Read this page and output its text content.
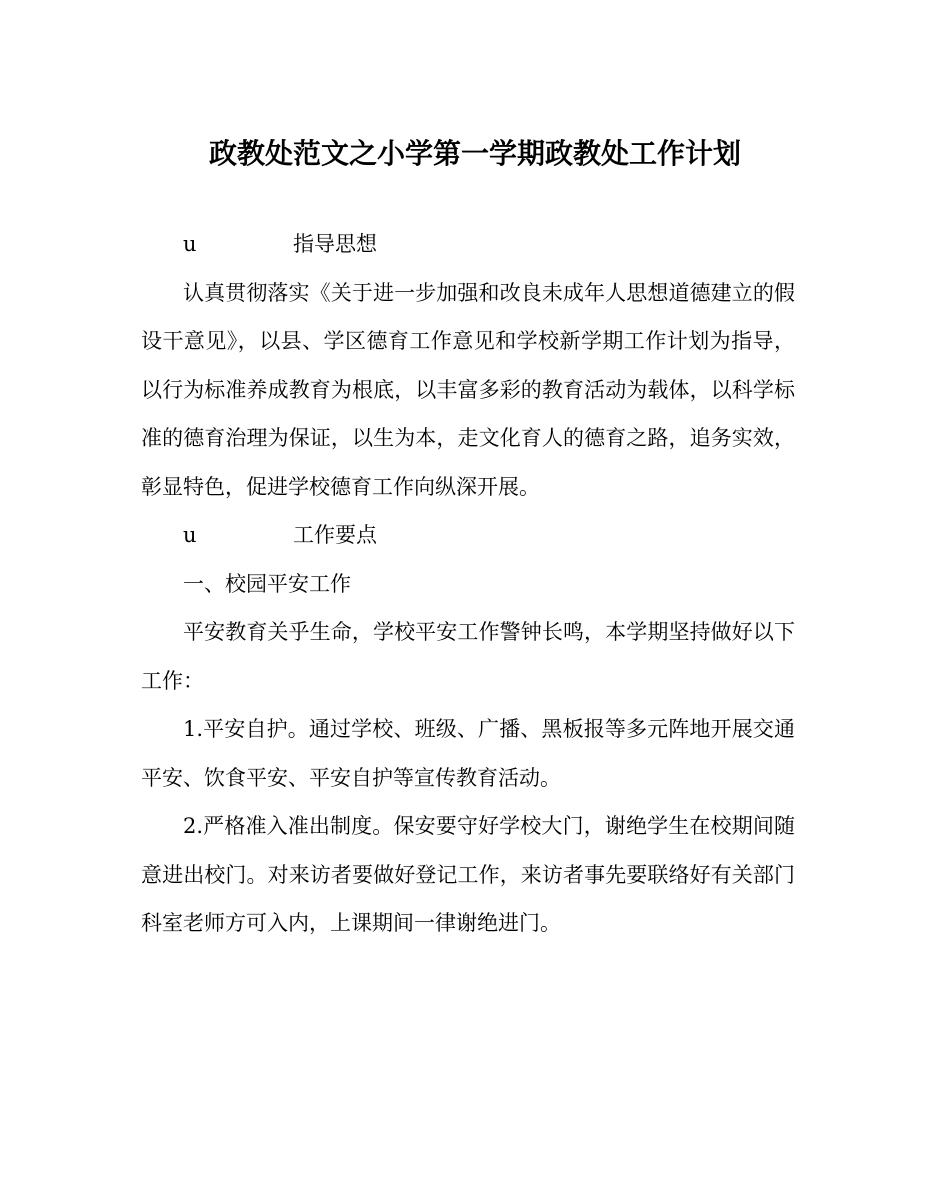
政教处范文之小学第一学期政教处工作计划

u	指导思想

认真贯彻落实《关于进一步加强和改良未成年人思想道德建立的假设干意见》，以县、学区德育工作意见和学校新学期工作计划为指导，以行为标准养成教育为根底，以丰富多彩的教育活动为载体，以科学标准的德育治理为保证，以生为本，走文化育人的德育之路，追务实效，彰显特色，促进学校德育工作向纵深开展。

u	工作要点

一、校园平安工作

平安教育关乎生命，学校平安工作警钟长鸣，本学期坚持做好以下工作：

1.平安自护。通过学校、班级、广播、黑板报等多元阵地开展交通平安、饮食平安、平安自护等宣传教育活动。

2.严格准入准出制度。保安要守好学校大门，谢绝学生在校期间随意进出校门。对来访者要做好登记工作，来访者事先要联络好有关部门科室老师方可入内，上课期间一律谢绝进门。
